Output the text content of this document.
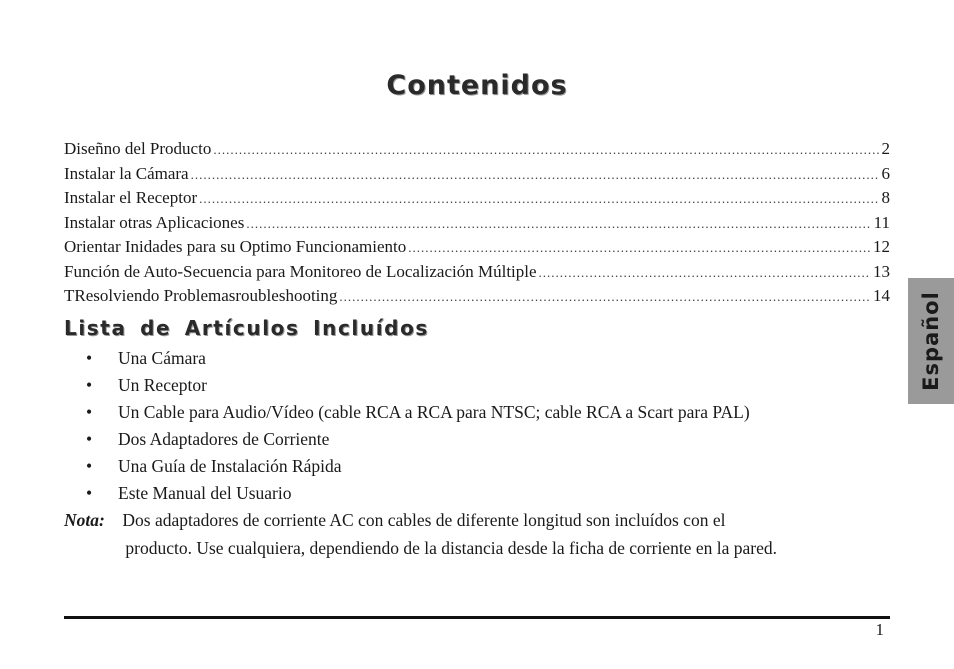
Contenidos
Diseñno del Producto .....	2
Instalar la Cámara .....	6
Instalar el Receptor .....	8
Instalar otras Aplicaciones .....	11
Orientar Inidades para su Optimo Funcionamiento .....	12
Función de Auto-Secuencia para Monitoreo de Localización Múltiple .....	13
TResolviendo Problemasroubleshooting .....	14
Lista de Artículos Incluídos
•	Una Cámara
•	Un Receptor
•	Un Cable para Audio/Vídeo (cable RCA a RCA para NTSC; cable RCA a Scart para PAL)
•	Dos Adaptadores de Corriente
•	Una Guía de Instalación Rápida
•	Este Manual del Usuario
Nota: Dos adaptadores de corriente AC con cables de diferente longitud son incluídos con el
producto. Use cualquiera, dependiendo de la distancia desde la ficha de corriente en la pared.
Español
1
